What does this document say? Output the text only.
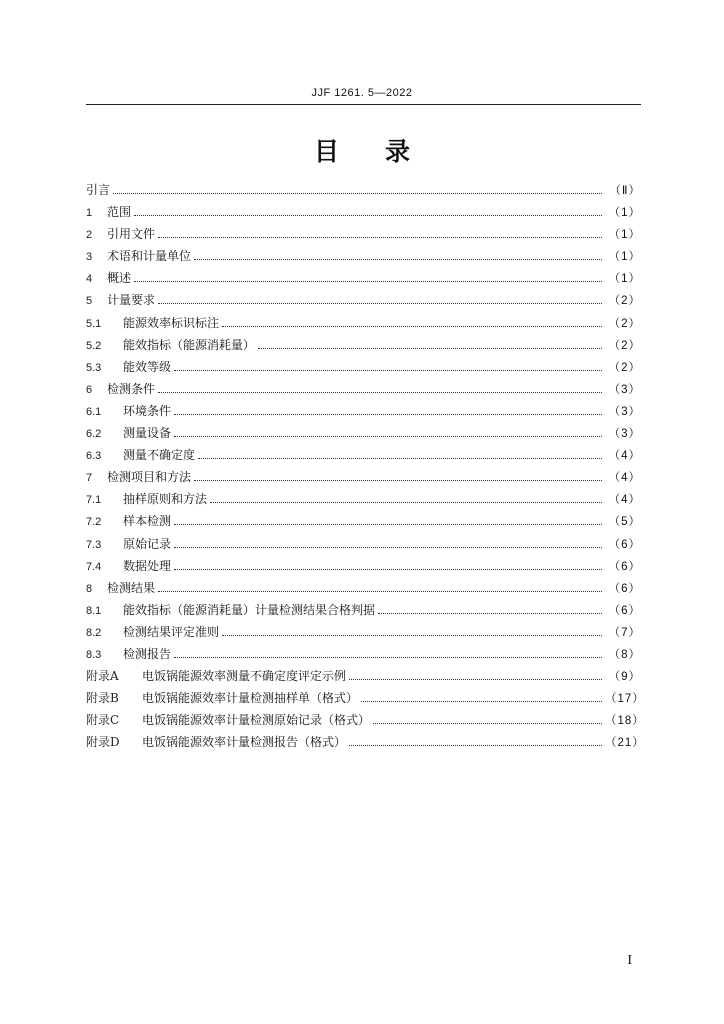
JJF 1261. 5—2022
目录
引言	（Ⅱ）
1	范围	（1）
2	引用文件	（1）
3	术语和计量单位	（1）
4	概述	（1）
5	计量要求	（2）
5.1	能源效率标识标注	（2）
5.2	能效指标（能源消耗量）	（2）
5.3	能效等级	（2）
6	检测条件	（3）
6.1	环境条件	（3）
6.2	测量设备	（3）
6.3	测量不确定度	（4）
7	检测项目和方法	（4）
7.1	抽样原则和方法	（4）
7.2	样本检测	（5）
7.3	原始记录	（6）
7.4	数据处理	（6）
8	检测结果	（6）
8.1	能效指标（能源消耗量）计量检测结果合格判据	（6）
8.2	检测结果评定准则	（7）
8.3	检测报告	（8）
附录A	电饭锅能源效率测量不确定度评定示例	（9）
附录B	电饭锅能源效率计量检测抽样单（格式）	（17）
附录C	电饭锅能源效率计量检测原始记录（格式）	（18）
附录D	电饭锅能源效率计量检测报告（格式）	（21）
I
